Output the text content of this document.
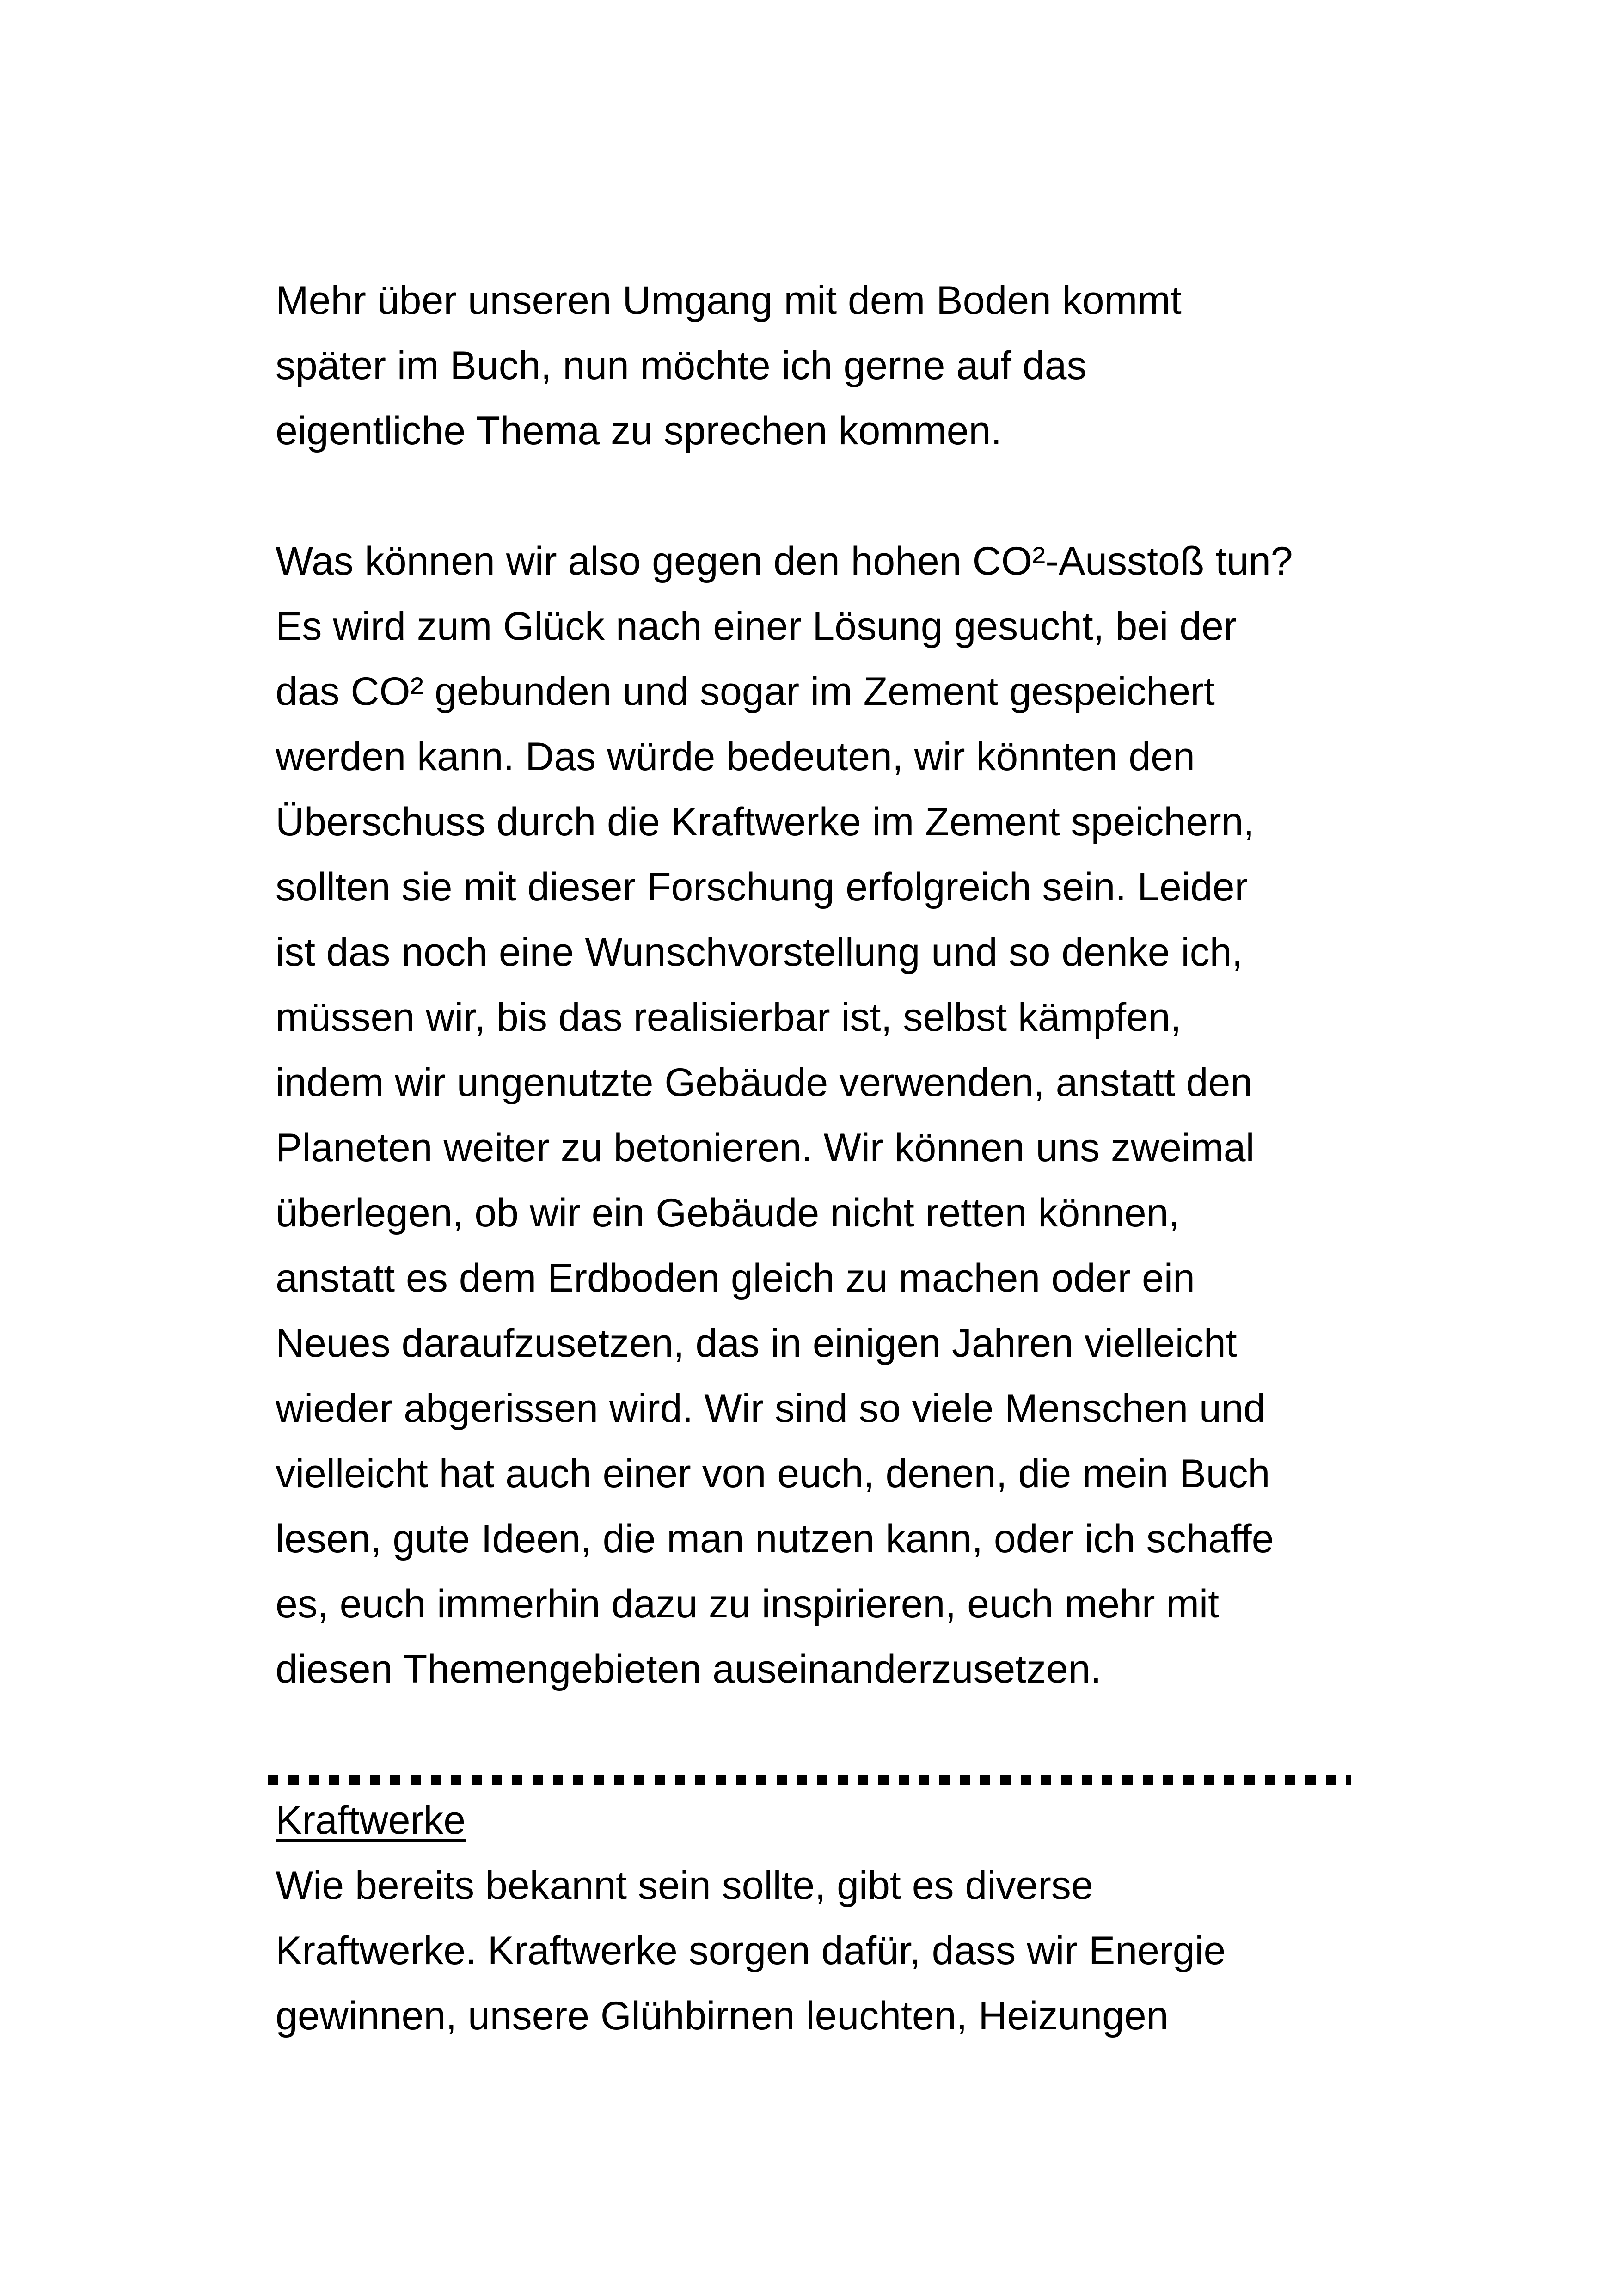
Mehr über unseren Umgang mit dem Boden kommt
später im Buch, nun möchte ich gerne auf das
eigentliche Thema zu sprechen kommen.
Was können wir also gegen den hohen CO²-Ausstoß tun?
Es wird zum Glück nach einer Lösung gesucht, bei der
das CO² gebunden und sogar im Zement gespeichert
werden kann. Das würde bedeuten, wir könnten den
Überschuss durch die Kraftwerke im Zement speichern,
sollten sie mit dieser Forschung erfolgreich sein. Leider
ist das noch eine Wunschvorstellung und so denke ich,
müssen wir, bis das realisierbar ist, selbst kämpfen,
indem wir ungenutzte Gebäude verwenden, anstatt den
Planeten weiter zu betonieren. Wir können uns zweimal
überlegen, ob wir ein Gebäude nicht retten können,
anstatt es dem Erdboden gleich zu machen oder ein
Neues daraufzusetzen, das in einigen Jahren vielleicht
wieder abgerissen wird. Wir sind so viele Menschen und
vielleicht hat auch einer von euch, denen, die mein Buch
lesen, gute Ideen, die man nutzen kann, oder ich schaffe
es, euch immerhin dazu zu inspirieren, euch mehr mit
diesen Themengebieten auseinanderzusetzen.
Kraftwerke
Wie bereits bekannt sein sollte, gibt es diverse
Kraftwerke. Kraftwerke sorgen dafür, dass wir Energie
gewinnen, unsere Glühbirnen leuchten, Heizungen
